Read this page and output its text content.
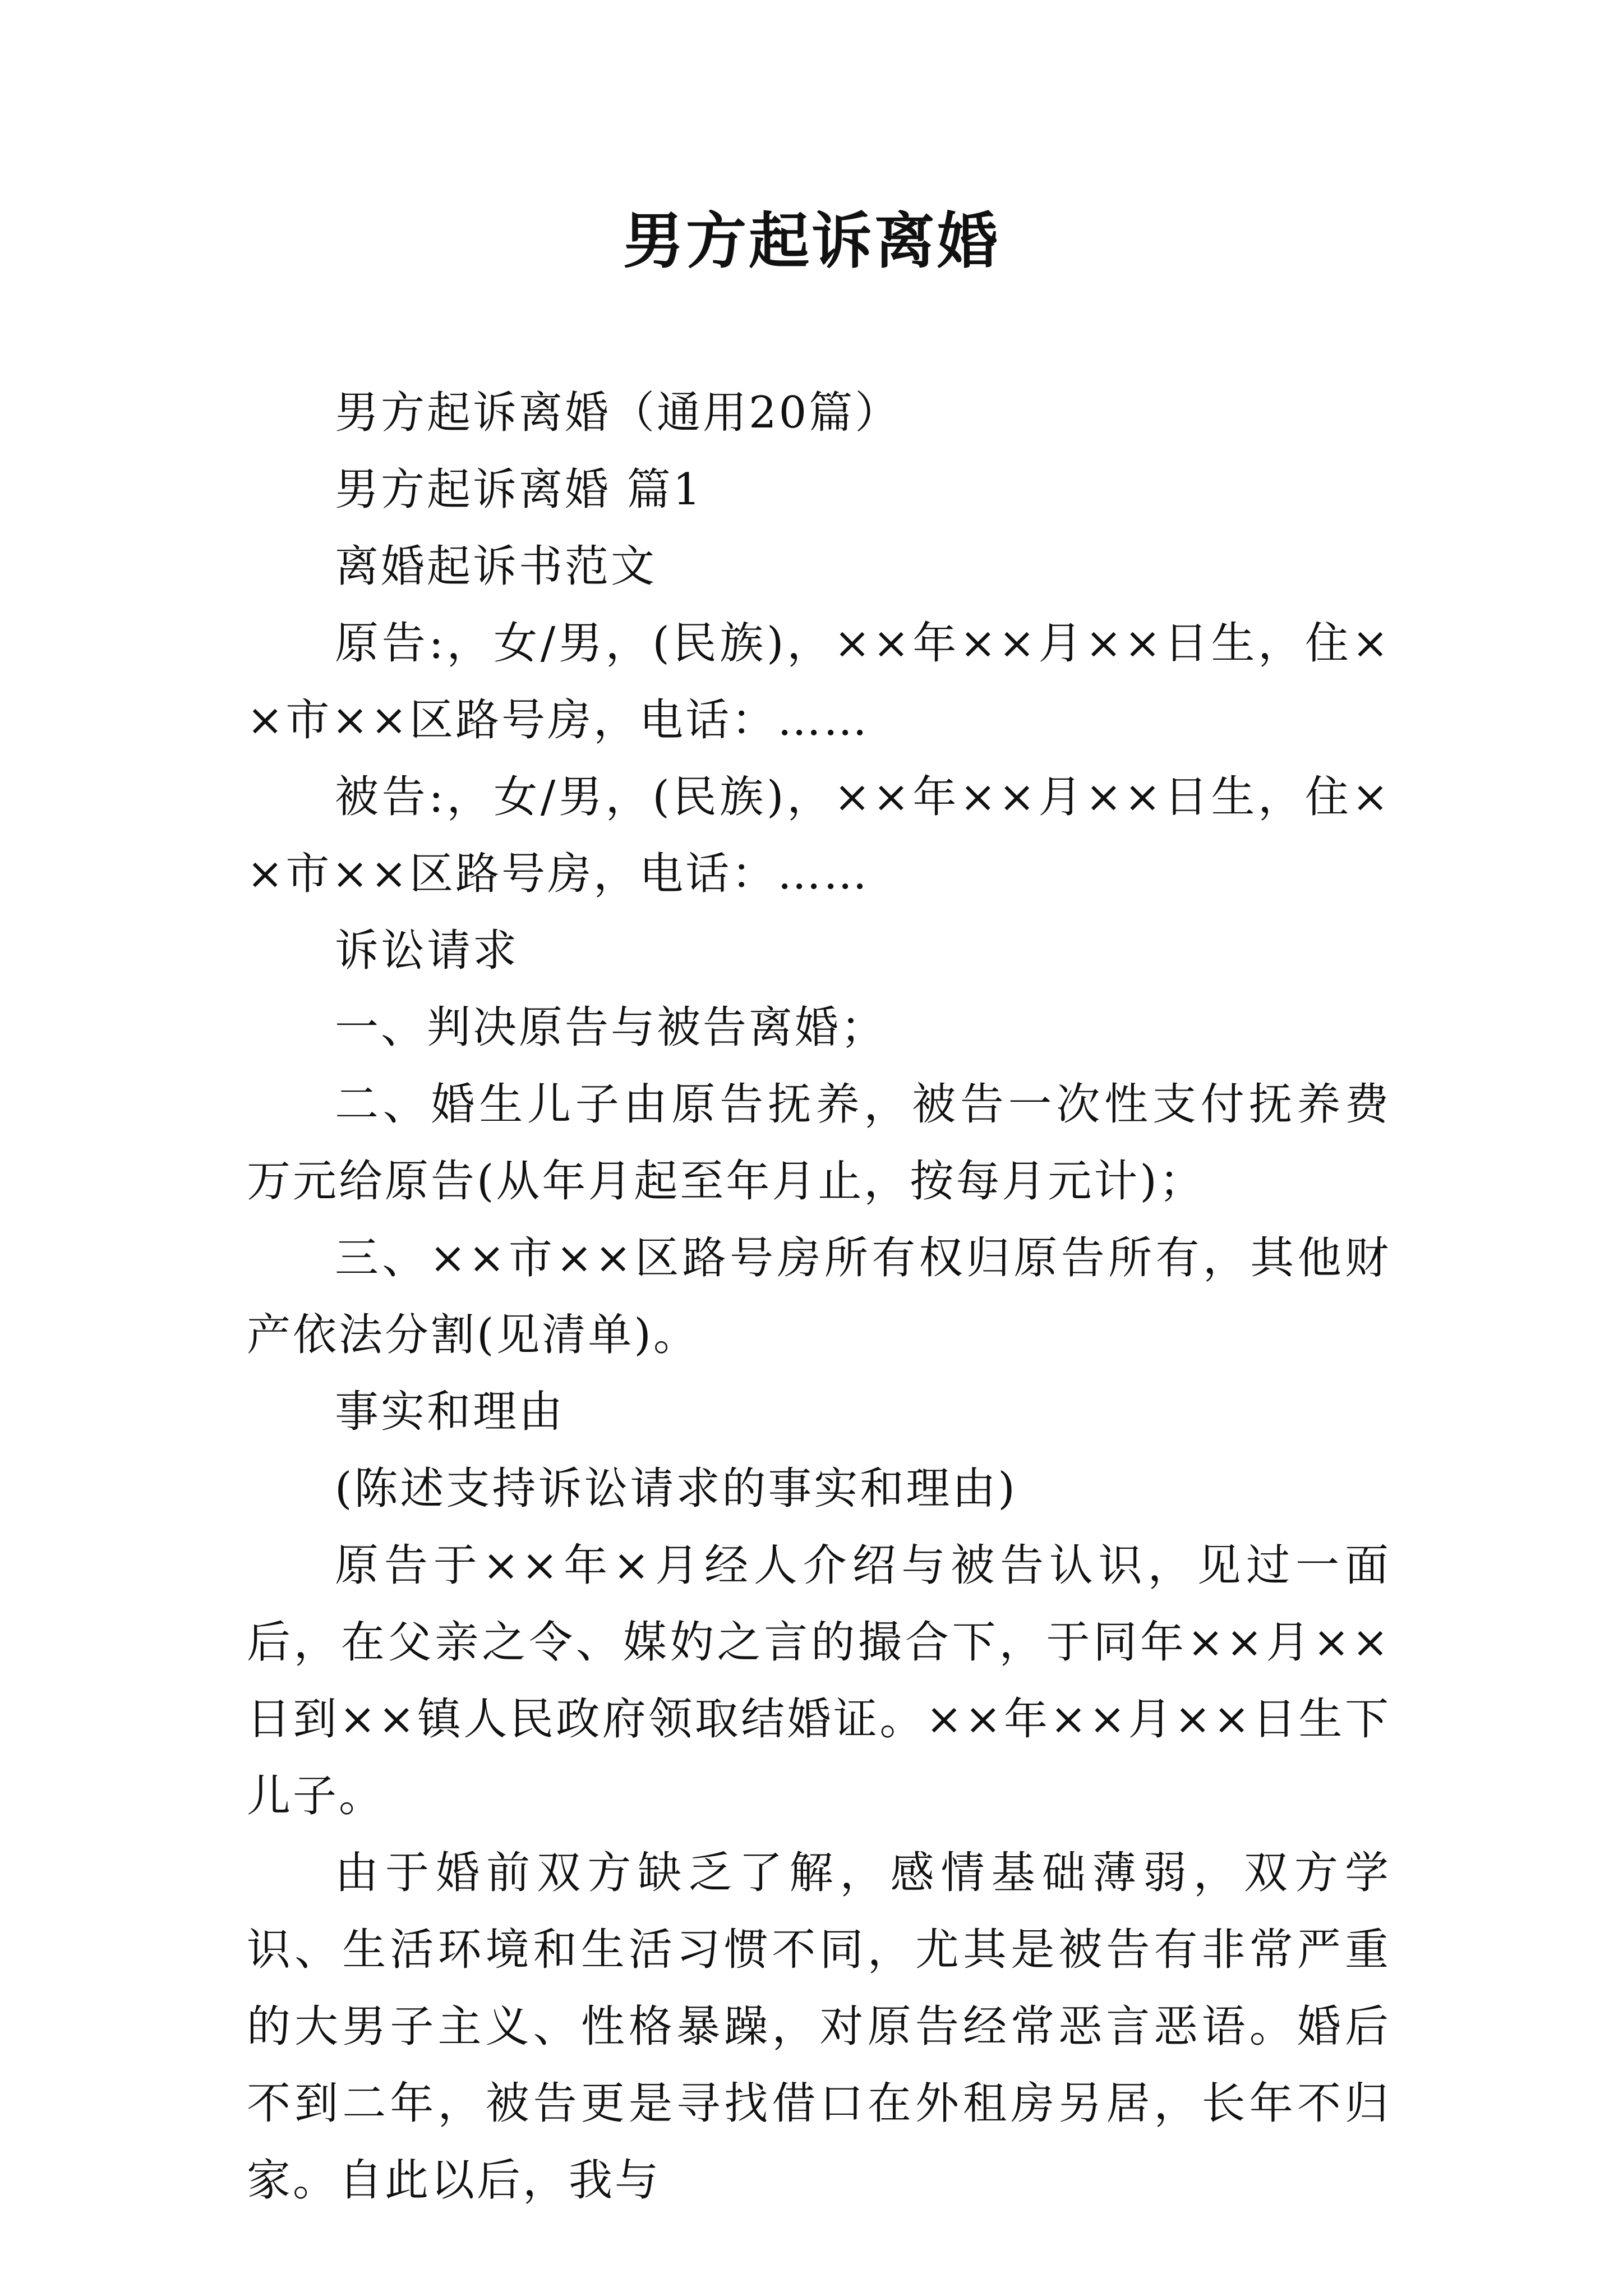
男方起诉离婚

男方起诉离婚（通用20篇）

男方起诉离婚 篇1

离婚起诉书范文

原告:，女/男，(民族)，××年××月××日生，住××市××区路号房，电话：……

被告:，女/男，(民族)，××年××月××日生，住××市××区路号房，电话：……

诉讼请求

一、判决原告与被告离婚；

二、婚生儿子由原告抚养，被告一次性支付抚养费万元给原告(从年月起至年月止，按每月元计)；

三、××市××区路号房所有权归原告所有，其他财产依法分割(见清单)。

事实和理由

(陈述支持诉讼请求的事实和理由)

原告于××年×月经人介绍与被告认识，见过一面后，在父亲之令、媒妁之言的撮合下，于同年××月××日到××镇人民政府领取结婚证。××年××月××日生下儿子。

由于婚前双方缺乏了解，感情基础薄弱，双方学识、生活环境和生活习惯不同，尤其是被告有非常严重的大男子主义、性格暴躁，对原告经常恶言恶语。婚后不到二年，被告更是寻找借口在外租房另居，长年不归家。自此以后，我与
